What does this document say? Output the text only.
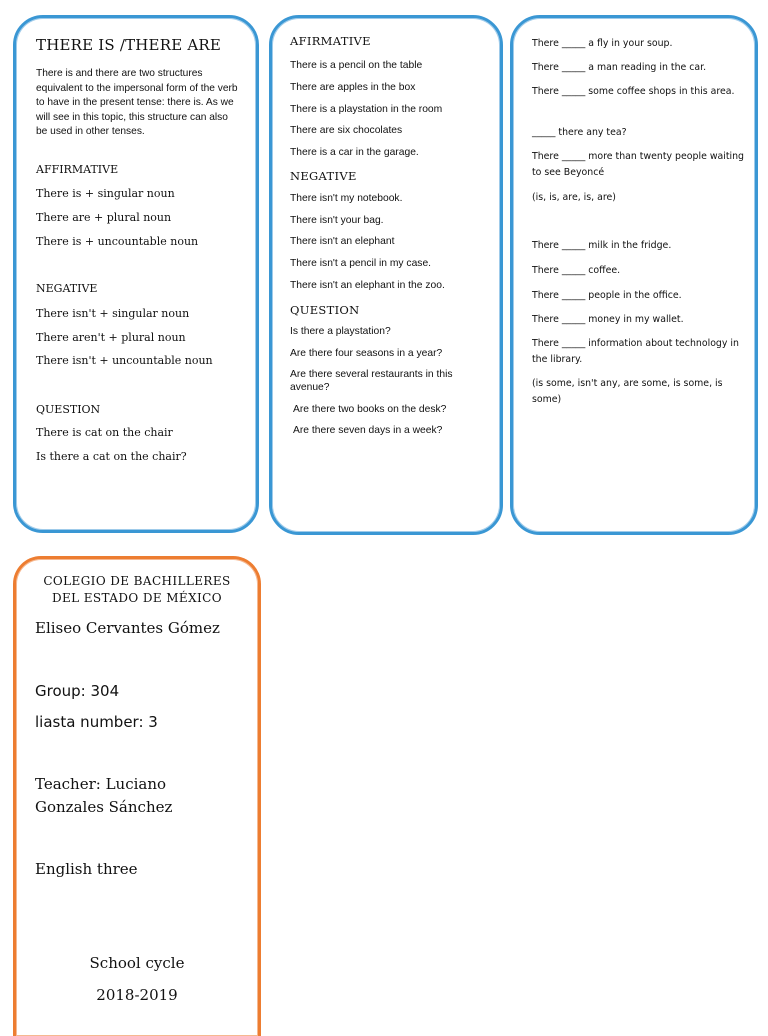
THERE IS /THERE ARE

There is and there are two structures equivalent to the impersonal form of the verb to have in the present tense: there is. As we will see in this topic, this structure can also be used in other tenses.

AFFIRMATIVE

There is + singular noun

There are + plural noun

There is + uncountable noun

NEGATIVE

There isn't + singular noun

There aren't + plural noun

There isn't + uncountable noun

QUESTION

There is cat on the chair

Is there a cat on the chair?

AFIRMATIVE

There is a pencil on the table

There are apples in the box

There is a playstation in the room

There are six chocolates

There is a car in the garage.

NEGATIVE

There isn't my notebook.

There isn't your bag.

There isn't an elephant

There isn't a pencil in my case.

There isn't an elephant in the zoo.

QUESTION

Is there a playstation?

Are there four seasons in a year?

Are there several restaurants in this avenue?

Are there two books on the desk?

Are there seven days in a week?

There _____ a fly in your soup.

There _____ a man reading in the car.

There _____ some coffee shops in this area.

_____ there any tea?

There _____ more than twenty people waiting to see Beyoncé

(is, is, are, is, are)

There _____ milk in the fridge.

There _____ coffee.

There _____ people in the office.

There _____ money in my wallet.

There _____ information about technology in the library.

(is some, isn't any, are some, is some, is some)

COLEGIO DE BACHILLERES

DEL ESTADO DE MÉXICO

Eliseo Cervantes Gómez

Group: 304

liasta number: 3

Teacher: Luciano

Gonzales Sánchez

English three

School cycle

2018-2019
